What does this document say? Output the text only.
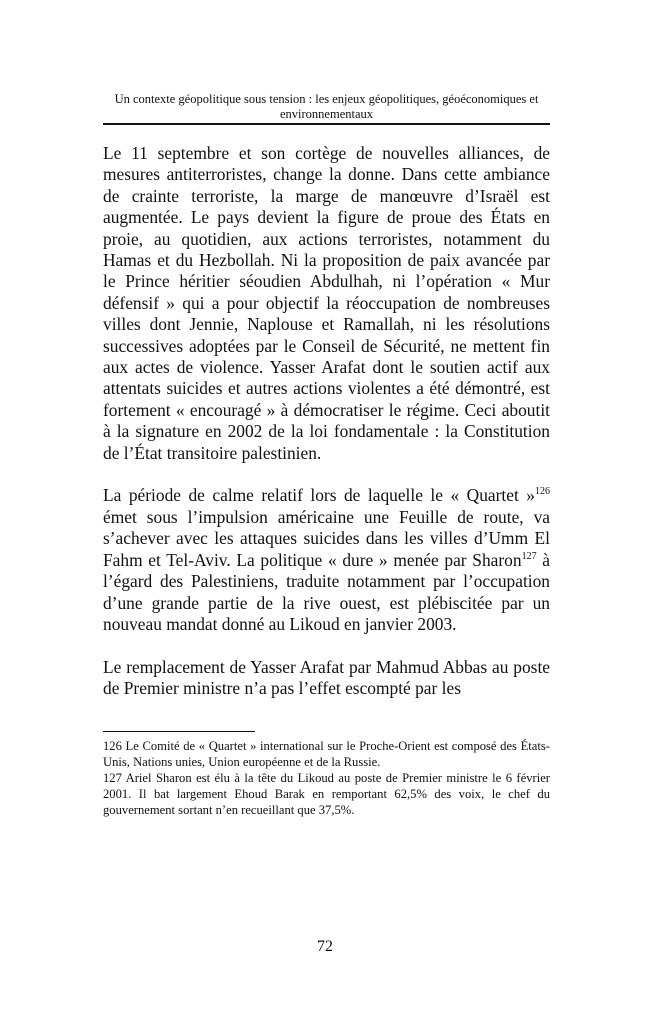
Un contexte géopolitique sous tension : les enjeux géopolitiques, géoéconomiques et environnementaux

Le 11 septembre et son cortège de nouvelles alliances, de mesures antiterroristes, change la donne. Dans cette ambiance de crainte terroriste, la marge de manœuvre d’Israël est augmentée. Le pays devient la figure de proue des États en proie, au quotidien, aux actions terroristes, notamment du Hamas et du Hezbollah. Ni la proposition de paix avancée par le Prince héritier séoudien Abdulhah, ni l’opération « Mur défensif » qui a pour objectif la réoccupation de nombreuses villes dont Jennie, Naplouse et Ramallah, ni les résolutions successives adoptées par le Conseil de Sécurité, ne mettent fin aux actes de violence. Yasser Arafat dont le soutien actif aux attentats suicides et autres actions violentes a été démontré, est fortement « encouragé » à démocratiser le régime. Ceci aboutit à la signature en 2002 de la loi fondamentale : la Constitution de l’État transitoire palestinien.

La période de calme relatif lors de laquelle le « Quartet »$^{126}$ émet sous l’impulsion américaine une Feuille de route, va s’achever avec les attaques suicides dans les villes d’Umm El Fahm et Tel-Aviv. La politique « dure » menée par Sharon$^{127}$ à l’égard des Palestiniens, traduite notamment par l’occupation d’une grande partie de la rive ouest, est plébiscitée par un nouveau mandat donné au Likoud en janvier 2003.

Le remplacement de Yasser Arafat par Mahmud Abbas au poste de Premier ministre n’a pas l’effet escompté par les

126 Le Comité de « Quartet » international sur le Proche-Orient est composé des États-Unis, Nations unies, Union européenne et de la Russie.

127 Ariel Sharon est élu à la tête du Likoud au poste de Premier ministre le 6 février 2001. Il bat largement Ehoud Barak en remportant 62,5% des voix, le chef du gouvernement sortant n’en recueillant que 37,5%.

72
